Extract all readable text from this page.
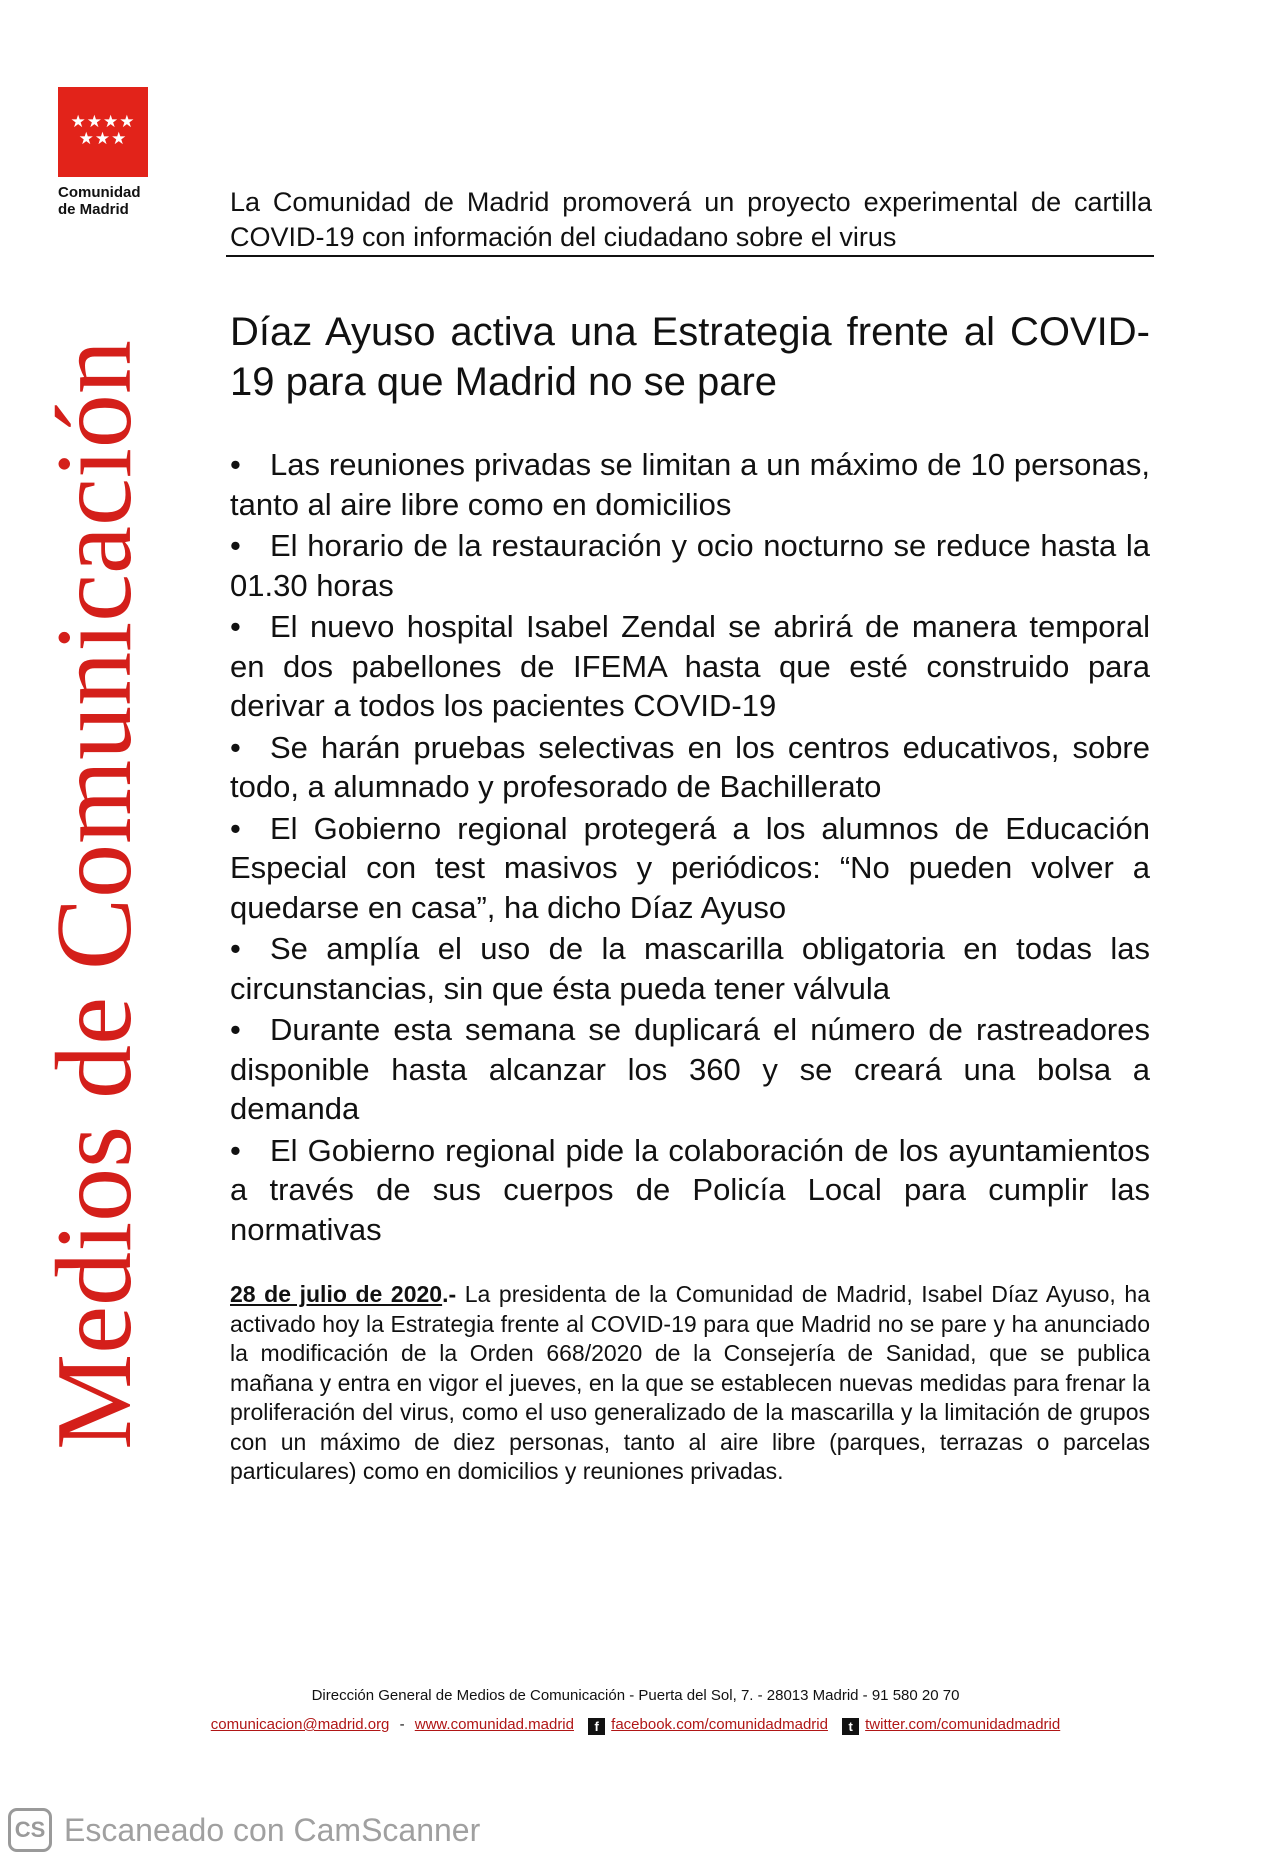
★★★★
★★★
Comunidad
de Madrid
Medios de Comunicación
La Comunidad de Madrid promoverá un proyecto experimental de cartilla COVID-19 con información del ciudadano sobre el virus
Díaz Ayuso activa una Estrategia frente al COVID-19 para que Madrid no se pare
• Las reuniones privadas se limitan a un máximo de 10 personas, tanto al aire libre como en domicilios
• El horario de la restauración y ocio nocturno se reduce hasta la 01.30 horas
• El nuevo hospital Isabel Zendal se abrirá de manera temporal en dos pabellones de IFEMA hasta que esté construido para derivar a todos los pacientes COVID-19
• Se harán pruebas selectivas en los centros educativos, sobre todo, a alumnado y profesorado de Bachillerato
• El Gobierno regional protegerá a los alumnos de Educación Especial con test masivos y periódicos: “No pueden volver a quedarse en casa”, ha dicho Díaz Ayuso
• Se amplía el uso de la mascarilla obligatoria en todas las circunstancias, sin que ésta pueda tener válvula
• Durante esta semana se duplicará el número de rastreadores disponible hasta alcanzar los 360 y se creará una bolsa a demanda
• El Gobierno regional pide la colaboración de los ayuntamientos a través de sus cuerpos de Policía Local para cumplir las normativas
28 de julio de 2020.- La presidenta de la Comunidad de Madrid, Isabel Díaz Ayuso, ha activado hoy la Estrategia frente al COVID-19 para que Madrid no se pare y ha anunciado la modificación de la Orden 668/2020 de la Consejería de Sanidad, que se publica mañana y entra en vigor el jueves, en la que se establecen nuevas medidas para frenar la proliferación del virus, como el uso generalizado de la mascarilla y la limitación de grupos con un máximo de diez personas, tanto al aire libre (parques, terrazas o parcelas particulares) como en domicilios y reuniones privadas.
Dirección General de Medios de Comunicación - Puerta del Sol, 7. - 28013 Madrid - 91 580 20 70
comunicacion@madrid.org - www.comunidad.madrid f facebook.com/comunidadmadrid t twitter.com/comunidadmadrid
CS Escaneado con CamScanner
